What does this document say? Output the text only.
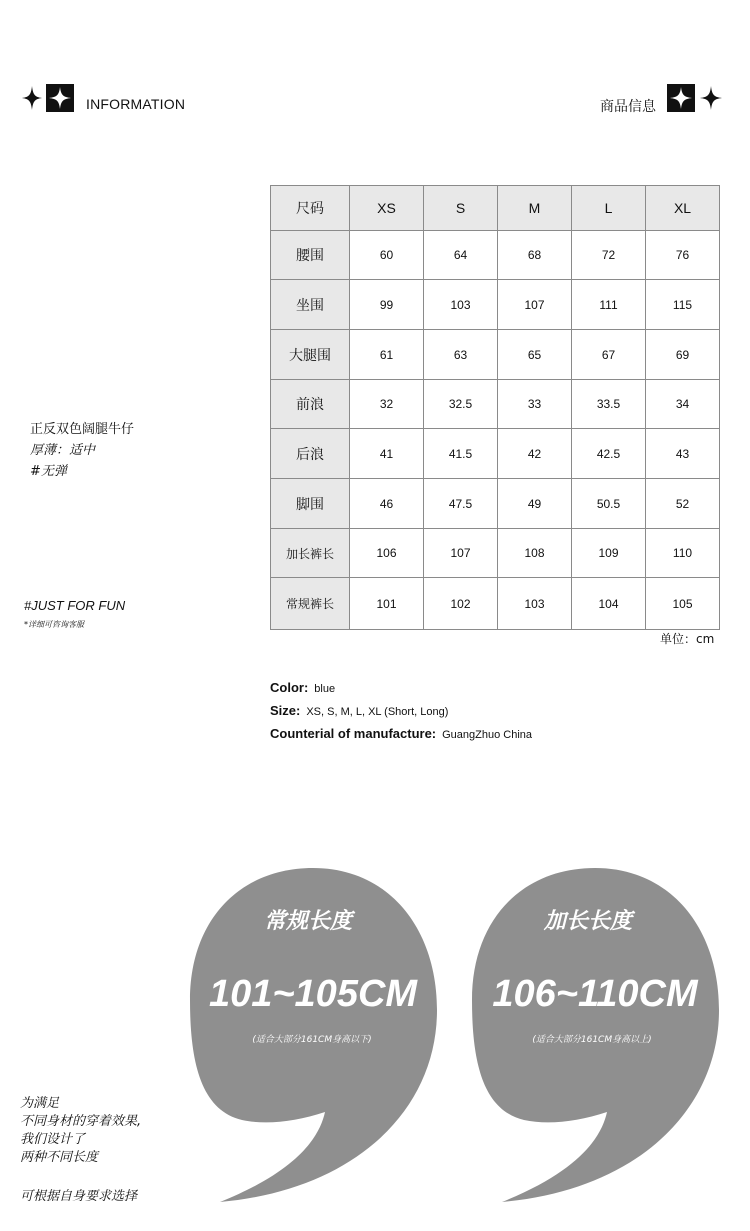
INFORMATION	商品信息
正反双色阔腿牛仔
厚薄：适中
#无弹
#JUST FOR FUN
*详细可咨询客服
尺码	XS	S	M	L	XL
腰围	60	64	68	72	76
坐围	99	103	107	111	115
大腿围	61	63	65	67	69
前浪	32	32.5	33	33.5	34
后浪	41	41.5	42	42.5	43
脚围	46	47.5	49	50.5	52
加长裤长	106	107	108	109	110
常规裤长	101	102	103	104	105
单位：cm
Color: blue
Size: XS, S, M, L, XL (Short, Long)
Counterial of manufacture: GuangZhuo China
常规长度
101~105CM
(适合大部分161CM身高以下)
加长长度
106~110CM
(适合大部分161CM身高以上)
为满足
不同身材的穿着效果,
我们设计了
两种不同长度
可根据自身要求选择
